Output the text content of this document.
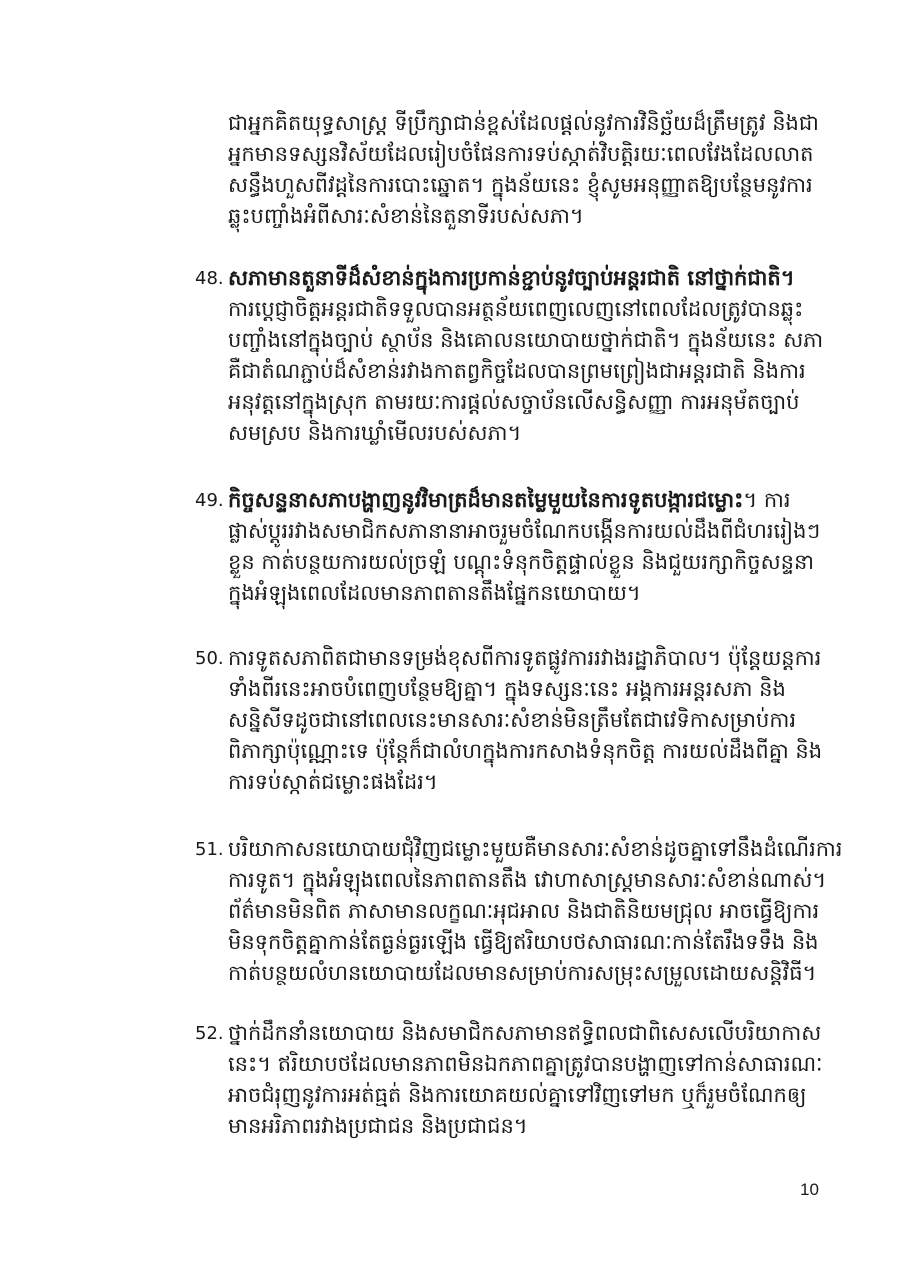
ជាអ្នកគិតយុទ្ធសាស្ត្រ ទីប្រឹក្សាជាន់ខ្ពស់ដែលផ្តល់នូវការវិនិច្ឆ័យដ៏ត្រឹមត្រូវ និងជា
អ្នកមានទស្សនវិស័យដែលរៀបចំផែនការទប់ស្កាត់វិបត្តិរយៈពេលវែងដែលលាត
សន្ធឹងហួសពីវដ្តនៃការបោះឆ្នោត។ ក្នុងន័យនេះ ខ្ញុំសូមអនុញ្ញាតឱ្យបន្ថែមនូវការ
ឆ្លុះបញ្ចាំងអំពីសារៈសំខាន់នៃតួនាទីរបស់សភា។
48. សភាមានតួនាទីដ៏សំខាន់ក្នុងការប្រកាន់ខ្ជាប់នូវច្បាប់អន្តរជាតិ នៅថ្នាក់ជាតិ។
ការប្តេជ្ញាចិត្តអន្តរជាតិទទួលបានអត្ថន័យពេញលេញនៅពេលដែលត្រូវបានឆ្លុះ
បញ្ចាំងនៅក្នុងច្បាប់ ស្ថាប័ន និងគោលនយោបាយថ្នាក់ជាតិ។ ក្នុងន័យនេះ សភា
គឺជាតំណភ្ជាប់ដ៏សំខាន់រវាងកាតព្វកិច្ចដែលបានព្រមព្រៀងជាអន្តរជាតិ និងការ
អនុវត្តនៅក្នុងស្រុក តាមរយៈការផ្តល់សច្ចាប័នលើសន្ធិសញ្ញា ការអនុម័តច្បាប់
សមស្រប និងការឃ្លាំមើលរបស់សភា។
49. កិច្ចសន្ទនាសភាបង្ហាញនូវវិមាត្រដ៏មានតម្លៃមួយនៃការទូតបង្ការជម្លោះ។ ការ
ផ្លាស់ប្តូររវាងសមាជិកសភានានាអាចរួមចំណែកបង្កើនការយល់ដឹងពីជំហររៀងៗ
ខ្លួន កាត់បន្ថយការយល់ច្រឡំ បណ្តុះទំនុកចិត្តផ្ទាល់ខ្លួន និងជួយរក្សាកិច្ចសន្ទនា
ក្នុងអំឡុងពេលដែលមានភាពតានតឹងផ្នែកនយោបាយ។
50. ការទូតសភាពិតជាមានទម្រង់ខុសពីការទូតផ្លូវការរវាងរដ្ឋាភិបាល។ ប៉ុន្តែយន្តការ
ទាំងពីរនេះអាចបំពេញបន្ថែមឱ្យគ្នា។ ក្នុងទស្សនៈនេះ អង្គការអន្តរសភា និង
សន្និសីទដូចជានៅពេលនេះមានសារៈសំខាន់មិនត្រឹមតែជាវេទិកាសម្រាប់ការ
ពិភាក្សាប៉ុណ្ណោះទេ ប៉ុន្តែក៏ជាលំហក្នុងការកសាងទំនុកចិត្ត ការយល់ដឹងពីគ្នា និង
ការទប់ស្កាត់ជម្លោះផងដែរ។
51. បរិយាកាសនយោបាយជុំវិញជម្លោះមួយគឺមានសារៈសំខាន់ដូចគ្នាទៅនឹងដំណើរការ
ការទូត។ ក្នុងអំឡុងពេលនៃភាពតានតឹង វោហាសាស្ត្រមានសារៈសំខាន់ណាស់។
ព័ត៌មានមិនពិត ភាសាមានលក្ខណៈអុជអាល និងជាតិនិយមជ្រុល អាចធ្វើឱ្យការ
មិនទុកចិត្តគ្នាកាន់តែធ្ងន់ធ្ងរឡើង ធ្វើឱ្យឥរិយាបថសាធារណៈកាន់តែរឹងទទឹង និង
កាត់បន្ថយលំហនយោបាយដែលមានសម្រាប់ការសម្រុះសម្រួលដោយសន្តិវិធី។
52. ថ្នាក់ដឹកនាំនយោបាយ និងសមាជិកសភាមានឥទ្ធិពលជាពិសេសលើបរិយាកាស
នេះ។ ឥរិយាបថដែលមានភាពមិនឯកភាពគ្នាត្រូវបានបង្ហាញទៅកាន់សាធារណៈ
អាចជំរុញនូវការអត់ធ្មត់ និងការយោគយល់គ្នាទៅវិញទៅមក ឬក៏រួមចំណែកឲ្យ
មានអរិភាពរវាងប្រជាជន និងប្រជាជន។
10
